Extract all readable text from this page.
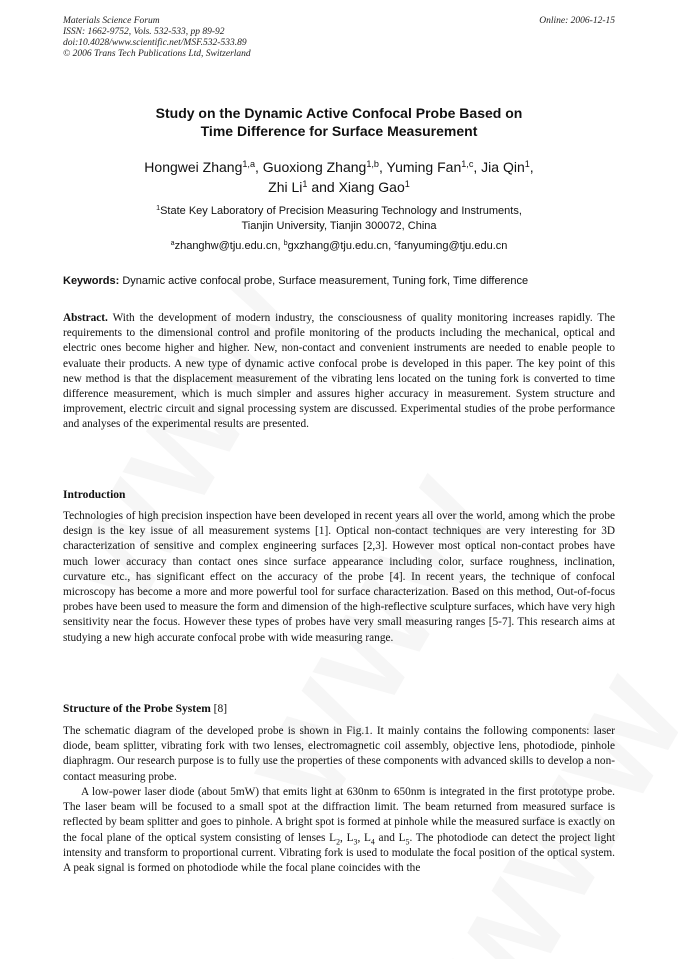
Materials Science Forum
ISSN: 1662-9752, Vols. 532-533, pp 89-92
doi:10.4028/www.scientific.net/MSF.532-533.89
© 2006 Trans Tech Publications Ltd, Switzerland
Online: 2006-12-15
Study on the Dynamic Active Confocal Probe Based on
Time Difference for Surface Measurement
Hongwei Zhang$^{1,a}$, Guoxiong Zhang$^{1,b}$, Yuming Fan$^{1,c}$, Jia Qin$^1$,
Zhi Li$^1$ and Xiang Gao$^1$
$^1$State Key Laboratory of Precision Measuring Technology and Instruments,
Tianjin University, Tianjin 300072, China
$^a$zhanghw@tju.edu.cn, $^b$gxzhang@tju.edu.cn, $^c$fanyuming@tju.edu.cn
Keywords: Dynamic active confocal probe, Surface measurement, Tuning fork, Time difference
Abstract. With the development of modern industry, the consciousness of quality monitoring increases rapidly. The requirements to the dimensional control and profile monitoring of the products including the mechanical, optical and electric ones become higher and higher. New, non-contact and convenient instruments are needed to enable people to evaluate their products. A new type of dynamic active confocal probe is developed in this paper. The key point of this new method is that the displacement measurement of the vibrating lens located on the tuning fork is converted to time difference measurement, which is much simpler and assures higher accuracy in measurement. System structure and improvement, electric circuit and signal processing system are discussed. Experimental studies of the probe performance and analyses of the experimental results are presented.
Introduction
Technologies of high precision inspection have been developed in recent years all over the world, among which the probe design is the key issue of all measurement systems [1]. Optical non-contact techniques are very interesting for 3D characterization of sensitive and complex engineering surfaces [2,3]. However most optical non-contact probes have much lower accuracy than contact ones since surface appearance including color, surface roughness, inclination, curvature etc., has significant effect on the accuracy of the probe [4]. In recent years, the technique of confocal microscopy has become a more and more powerful tool for surface characterization. Based on this method, Out-of-focus probes have been used to measure the form and dimension of the high-reflective sculpture surfaces, which have very high sensitivity near the focus. However these types of probes have very small measuring ranges [5-7]. This research aims at studying a new high accurate confocal probe with wide measuring range.
Structure of the Probe System [8]
The schematic diagram of the developed probe is shown in Fig.1. It mainly contains the following components: laser diode, beam splitter, vibrating fork with two lenses, electromagnetic coil assembly, objective lens, photodiode, pinhole diaphragm. Our research purpose is to fully use the properties of these components with advanced skills to develop a non-contact measuring probe.
A low-power laser diode (about 5mW) that emits light at 630nm to 650nm is integrated in the first prototype probe. The laser beam will be focused to a small spot at the diffraction limit. The beam returned from measured surface is reflected by beam splitter and goes to pinhole. A bright spot is formed at pinhole while the measured surface is exactly on the focal plane of the optical system consisting of lenses $L_2$, $L_3$, $L_4$ and $L_5$. The photodiode can detect the project light intensity and transform to proportional current. Vibrating fork is used to modulate the focal position of the optical system. A peak signal is formed on photodiode while the focal plane coincides with the
